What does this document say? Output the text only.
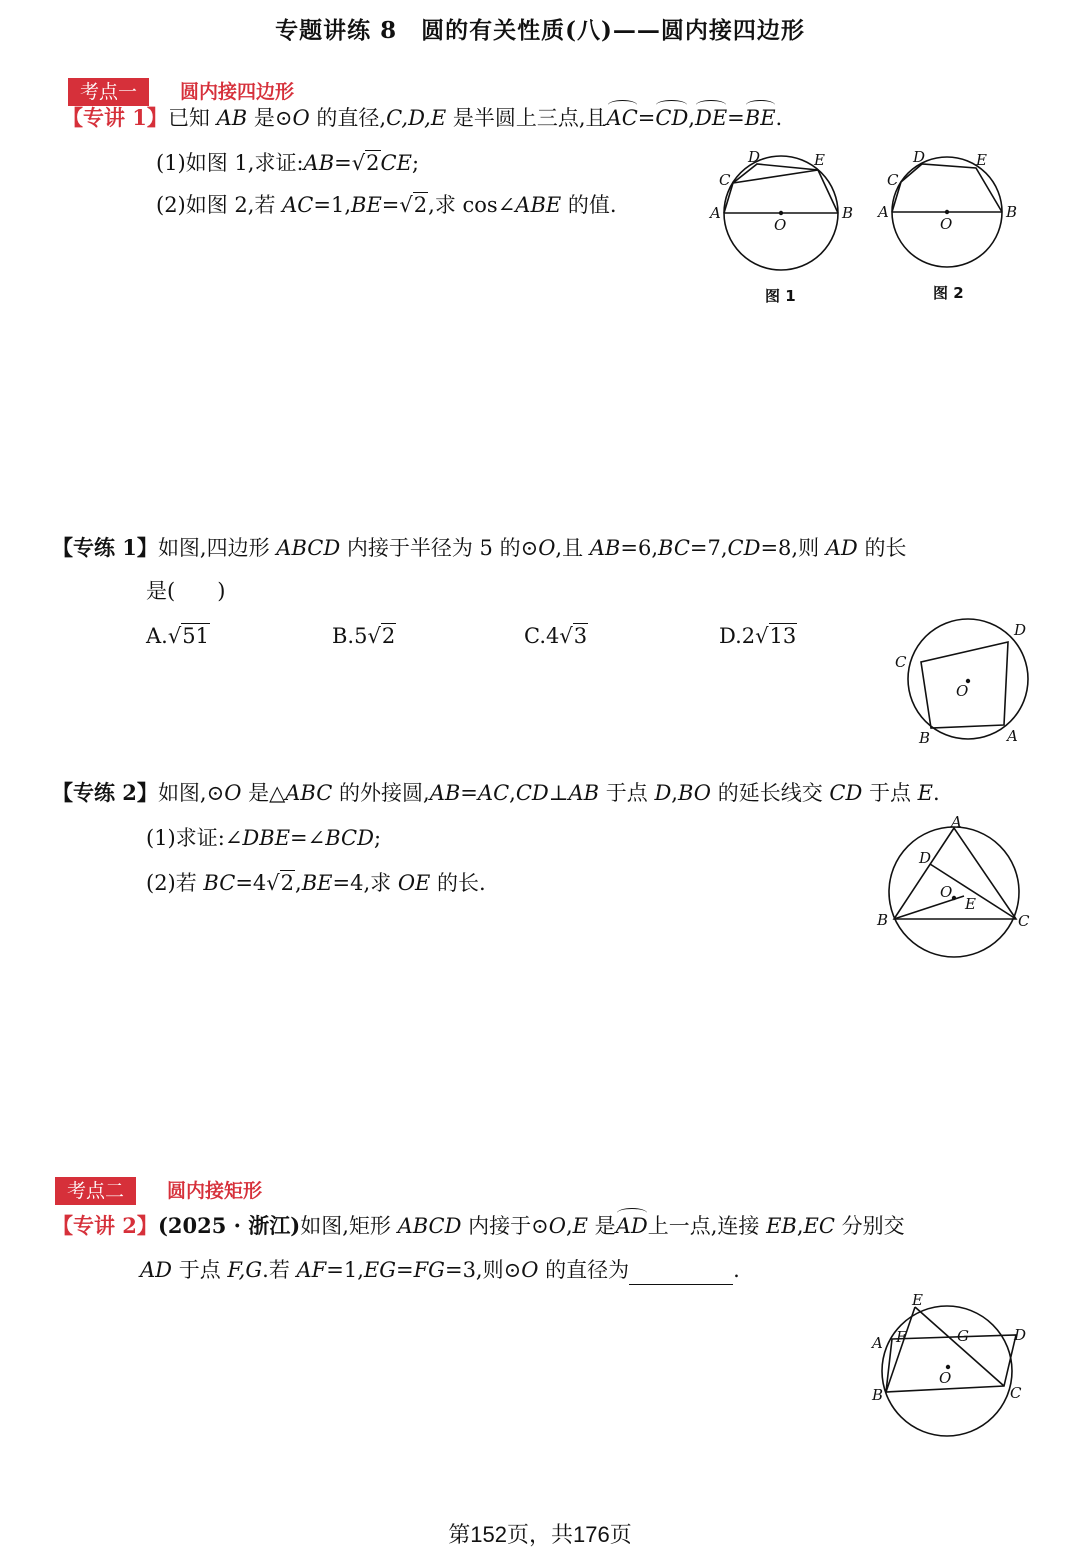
专题讲练 8　圆的有关性质(八)——圆内接四边形
考点一	圆内接四边形
【专讲 1】已知 AB 是⊙O 的直径,C,D,E 是半圆上三点,且AC=CD,DE=BE.
(1)如图 1,求证:AB=√2CE;
(2)如图 2,若 AC=1,BE=√2,求 cos∠ABE 的值.	A	B
C
D	E
O
图 1
A	B
C
D	E
O
图 2
【专练 1】如图,四边形 ABCD 内接于半径为 5 的⊙O,且 AB=6,BC=7,CD=8,则 AD 的长
是(　　)
A.√51	B.5√2	C.4√3	D.2√13
A
B
C
D
O
【专练 2】如图,⊙O 是△ABC 的外接圆,AB=AC,CD⊥AB 于点 D,BO 的延长线交 CD 于点 E.
(1)求证:∠DBE=∠BCD;
(2)若 BC=4√2,BE=4,求 OE 的长.
A
B	C
D
E
O
考点二	圆内接矩形
【专讲 2】(2025 · 浙江)如图,矩形 ABCD 内接于⊙O,E 是AD上一点,连接 EB,EC 分别交
AD 于点 F,G.若 AF=1,EG=FG=3,则⊙O 的直径为	.
E
A F	G	D
B	C
O
第152页，共176页
